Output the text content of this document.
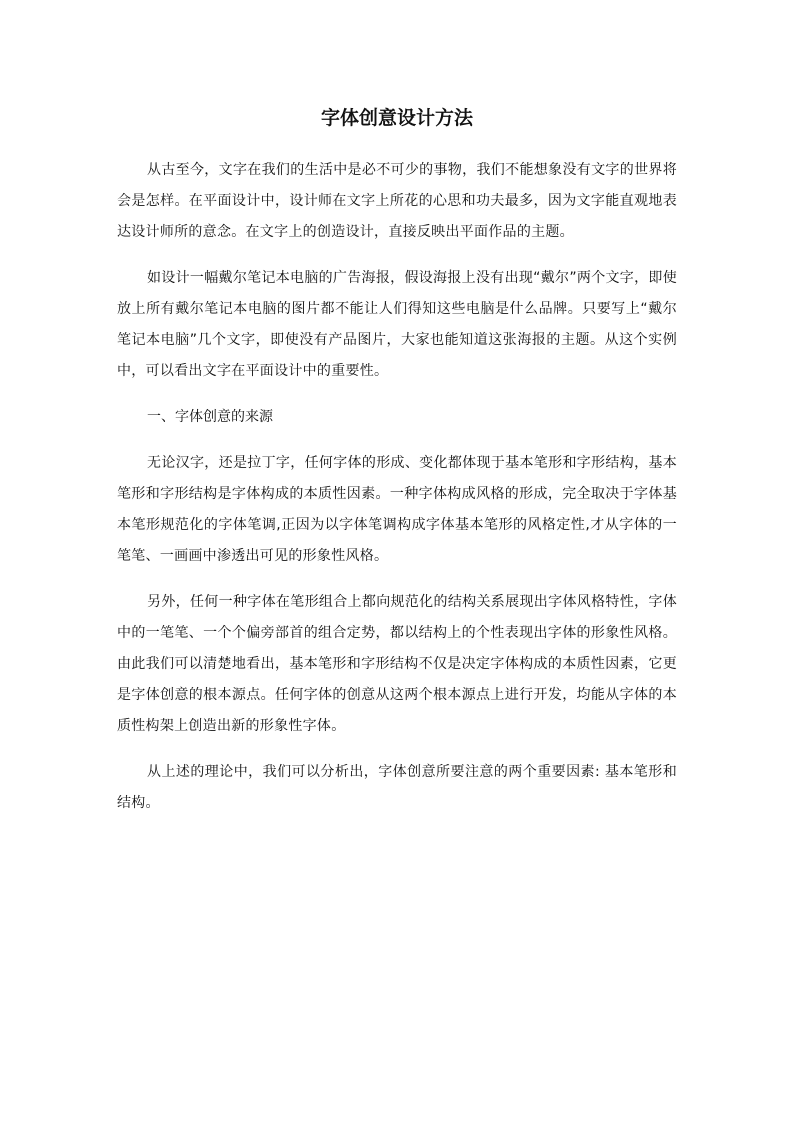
字体创意设计方法

从古至今，文字在我们的生活中是必不可少的事物，我们不能想象没有文字的世界将会是怎样。在平面设计中，设计师在文字上所花的心思和功夫最多，因为文字能直观地表达设计师所的意念。在文字上的创造设计，直接反映出平面作品的主题。

如设计一幅戴尔笔记本电脑的广告海报，假设海报上没有出现“戴尔”两个文字，即使放上所有戴尔笔记本电脑的图片都不能让人们得知这些电脑是什么品牌。只要写上“戴尔笔记本电脑”几个文字，即使没有产品图片，大家也能知道这张海报的主题。从这个实例中，可以看出文字在平面设计中的重要性。

一、字体创意的来源

无论汉字，还是拉丁字，任何字体的形成、变化都体现于基本笔形和字形结构，基本笔形和字形结构是字体构成的本质性因素。一种字体构成风格的形成，完全取决于字体基本笔形规范化的字体笔调,正因为以字体笔调构成字体基本笔形的风格定性,才从字体的一笔笔、一画画中渗透出可见的形象性风格。

另外，任何一种字体在笔形组合上都向规范化的结构关系展现出字体风格特性，字体中的一笔笔、一个个偏旁部首的组合定势，都以结构上的个性表现出字体的形象性风格。由此我们可以清楚地看出，基本笔形和字形结构不仅是决定字体构成的本质性因素，它更是字体创意的根本源点。任何字体的创意从这两个根本源点上进行开发，均能从字体的本质性构架上创造出新的形象性字体。

从上述的理论中，我们可以分析出，字体创意所要注意的两个重要因素: 基本笔形和结构。
